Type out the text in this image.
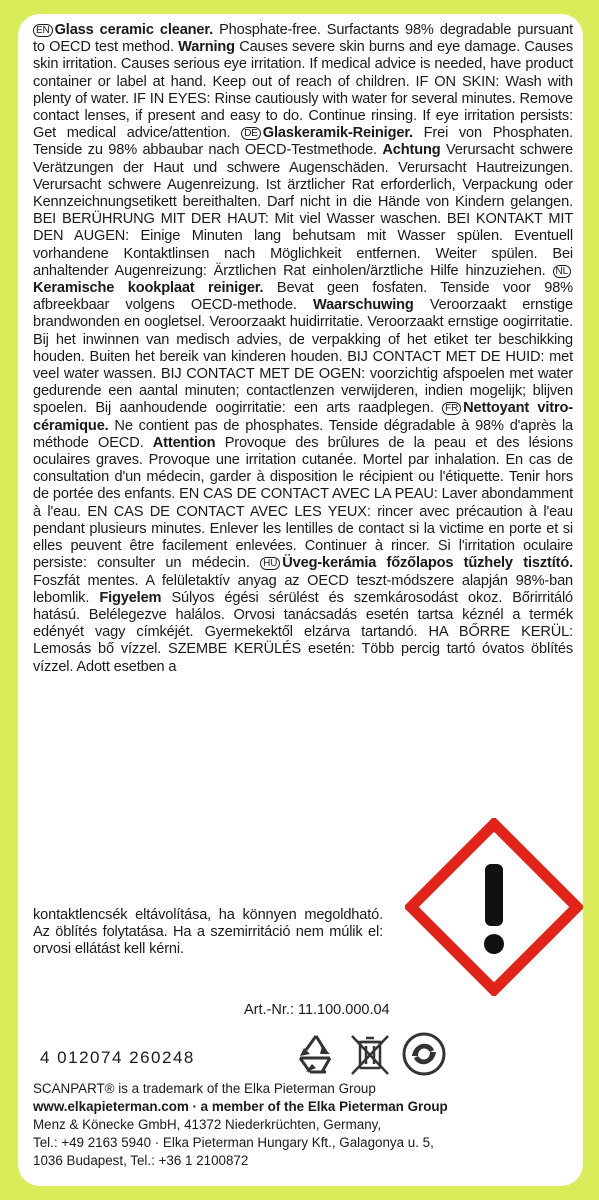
EN Glass ceramic cleaner. Phosphate-free. Surfactants 98% degradable pursuant to OECD test method. Warning Causes severe skin burns and eye damage. Causes skin irritation. Causes serious eye irritation. If medical advice is needed, have product container or label at hand. Keep out of reach of children. IF ON SKIN: Wash with plenty of water. IF IN EYES: Rinse cautiously with water for several minutes. Remove contact lenses, if present and easy to do. Continue rinsing. If eye irritation persists: Get medical advice/attention. DE Glaskeramik-Reiniger. Frei von Phosphaten. Tenside zu 98% abbaubar nach OECD-Testmethode. Achtung Verursacht schwere Verätzungen der Haut und schwere Augenschäden. Verursacht Hautreizungen. Verursacht schwere Augenreizung. Ist ärztlicher Rat erforderlich, Verpackung oder Kennzeichnungsetikett bereithalten. Darf nicht in die Hände von Kindern gelangen. BEI BERÜHRUNG MIT DER HAUT: Mit viel Wasser waschen. BEI KONTAKT MIT DEN AUGEN: Einige Minuten lang behutsam mit Wasser spülen. Eventuell vorhandene Kontaktlinsen nach Möglichkeit entfernen. Weiter spülen. Bei anhaltender Augenreizung: Ärztlichen Rat einholen/ärztliche Hilfe hinzuziehen. NLKeramische kookplaat reiniger. Bevat geen fosfaten. Tenside voor 98% afbreekbaar volgens OECD-methode. Waarschuwing Veroorzaakt ernstige brandwonden en oogletsel. Veroorzaakt huidirritatie. Veroorzaakt ernstige oogirritatie. Bij het inwinnen van medisch advies, de verpakking of het etiket ter beschikking houden. Buiten het bereik van kinderen houden. BIJ CONTACT MET DE HUID: met veel water wassen. BIJ CONTACT MET DE OGEN: voorzichtig afspoelen met water gedurende een aantal minuten; contactlenzen verwijderen, indien mogelijk; blijven spoelen. Bij aanhoudende oogirritatie: een arts raadplegen. FR Nettoyant vitro-céramique. Ne contient pas de phosphates. Tenside dégradable à 98% d'après la méthode OECD. Attention Provoque des brûlures de la peau et des lésions oculaires graves. Provoque une irritation cutanée. Mortel par inhalation. En cas de consultation d'un médecin, garder à disposition le récipient ou l'étiquette. Tenir hors de portée des enfants. EN CAS DE CONTACT AVEC LA PEAU: Laver abondamment à l'eau. EN CAS DE CONTACT AVEC LES YEUX: rincer avec précaution à l'eau pendant plusieurs minutes. Enlever les lentilles de contact si la victime en porte et si elles peuvent être facilement enlevées. Continuer à rincer. Si l'irritation oculaire persiste: consulter un médecin. HU Üveg-kerámia főzőlapos tűzhely tisztító. Foszfát mentes. A felületaktív anyag az OECD teszt-módszere alapján 98%-ban lebomlik. Figyelem Súlyos égési sérülést és szemkárosodást okoz. Bőrirritáló hatású. Belélegezve halálos. Orvosi tanácsadás esetén tartsa kéznél a termék edényét vagy címkéjét. Gyermekektől elzárva tartandó. HA BŐRRE KERÜL: Lemosás bő vízzel. SZEMBE KERÜLÉS esetén: Több percig tartó óvatos öblítés vízzel. Adott esetben a
kontaktlencsék eltávolítása, ha könnyen megoldható. Az öblítés folytatása. Ha a szemirritáció nem múlik el: orvosi ellátást kell kérni.
Art.-Nr.: 11.100.000.04
4 012074 260248
SCANPART® is a trademark of the Elka Pieterman Group
www.elkapieterman.com · a member of the Elka Pieterman Group
Menz & Könecke GmbH, 41372 Niederkrüchten, Germany,
Tel.: +49 2163 5940 · Elka Pieterman Hungary Kft., Galagonya u. 5,
1036 Budapest, Tel.: +36 1 2100872
